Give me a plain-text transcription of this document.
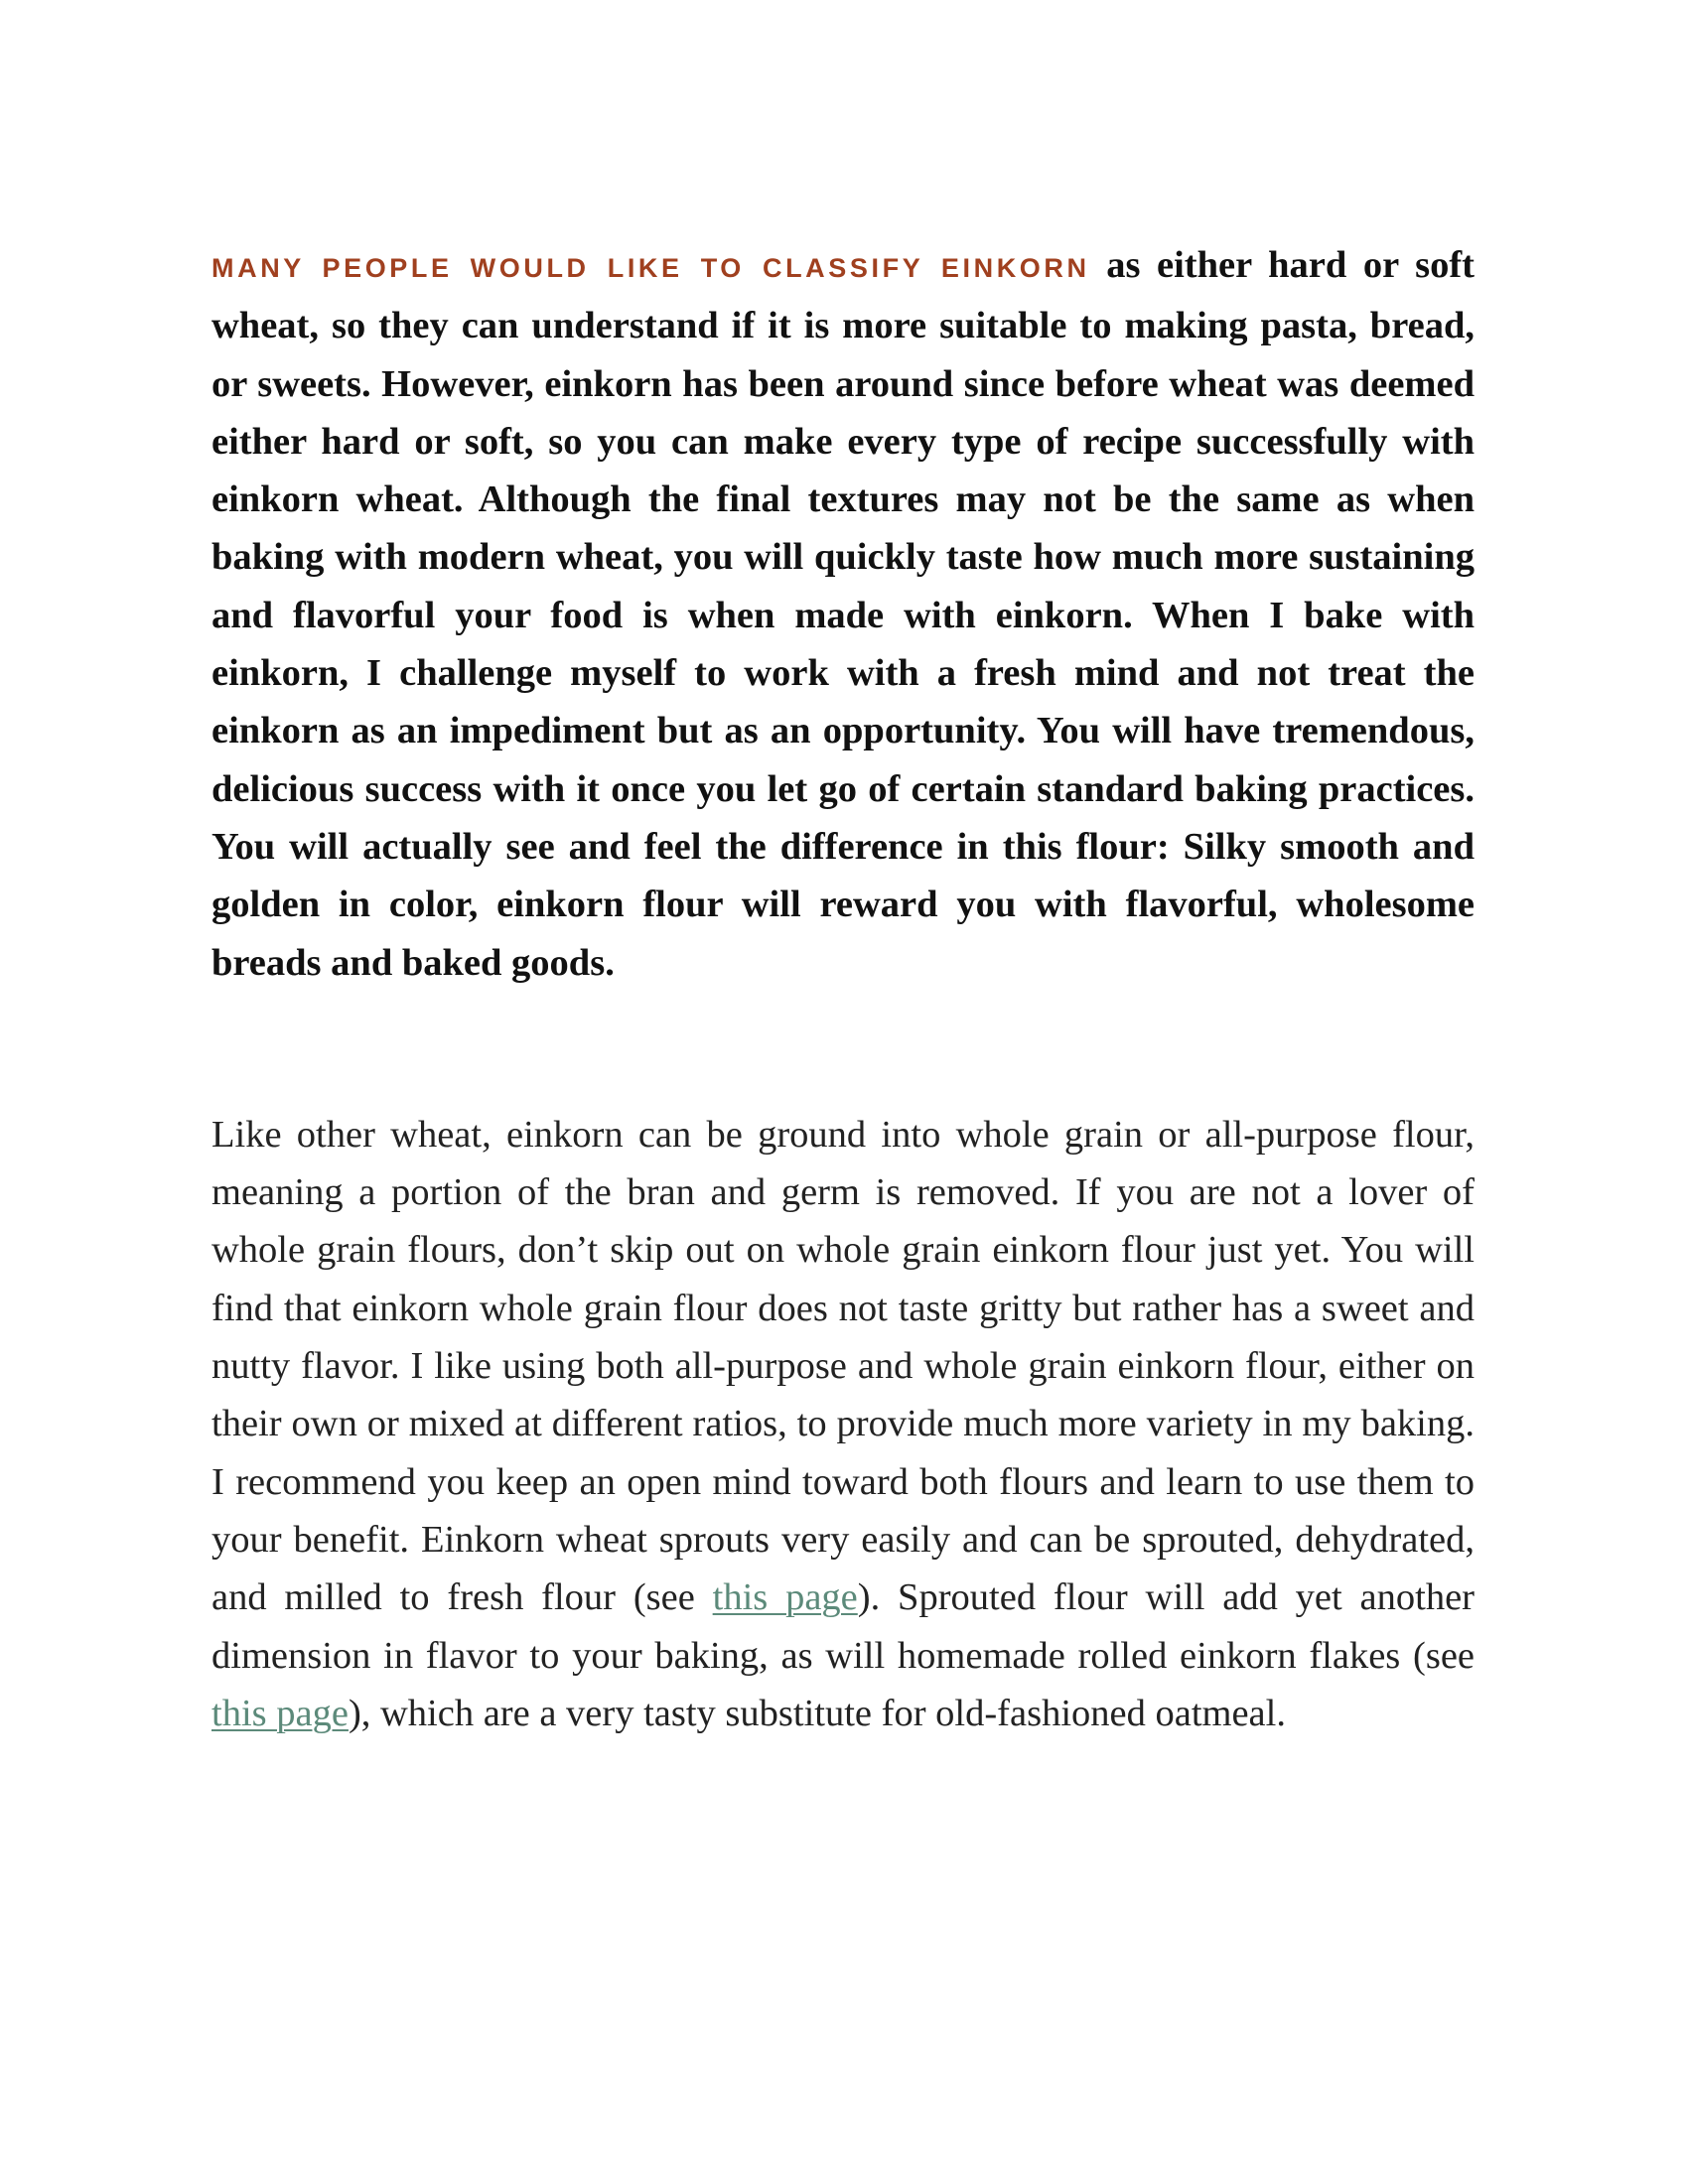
MANY PEOPLE WOULD LIKE TO CLASSIFY EINKORN as either hard or soft wheat, so they can understand if it is more suitable to making pasta, bread, or sweets. However, einkorn has been around since before wheat was deemed either hard or soft, so you can make every type of recipe successfully with einkorn wheat. Although the final textures may not be the same as when baking with modern wheat, you will quickly taste how much more sustaining and flavorful your food is when made with einkorn. When I bake with einkorn, I challenge myself to work with a fresh mind and not treat the einkorn as an impediment but as an opportunity. You will have tremendous, delicious success with it once you let go of certain standard baking practices. You will actually see and feel the difference in this flour: Silky smooth and golden in color, einkorn flour will reward you with flavorful, wholesome breads and baked goods.

Like other wheat, einkorn can be ground into whole grain or all-purpose flour, meaning a portion of the bran and germ is removed. If you are not a lover of whole grain flours, don’t skip out on whole grain einkorn flour just yet. You will find that einkorn whole grain flour does not taste gritty but rather has a sweet and nutty flavor. I like using both all-purpose and whole grain einkorn flour, either on their own or mixed at different ratios, to provide much more variety in my baking. I recommend you keep an open mind toward both flours and learn to use them to your benefit. Einkorn wheat sprouts very easily and can be sprouted, dehydrated, and milled to fresh flour (see this page). Sprouted flour will add yet another dimension in flavor to your baking, as will homemade rolled einkorn flakes (see this page), which are a very tasty substitute for old-fashioned oatmeal.
